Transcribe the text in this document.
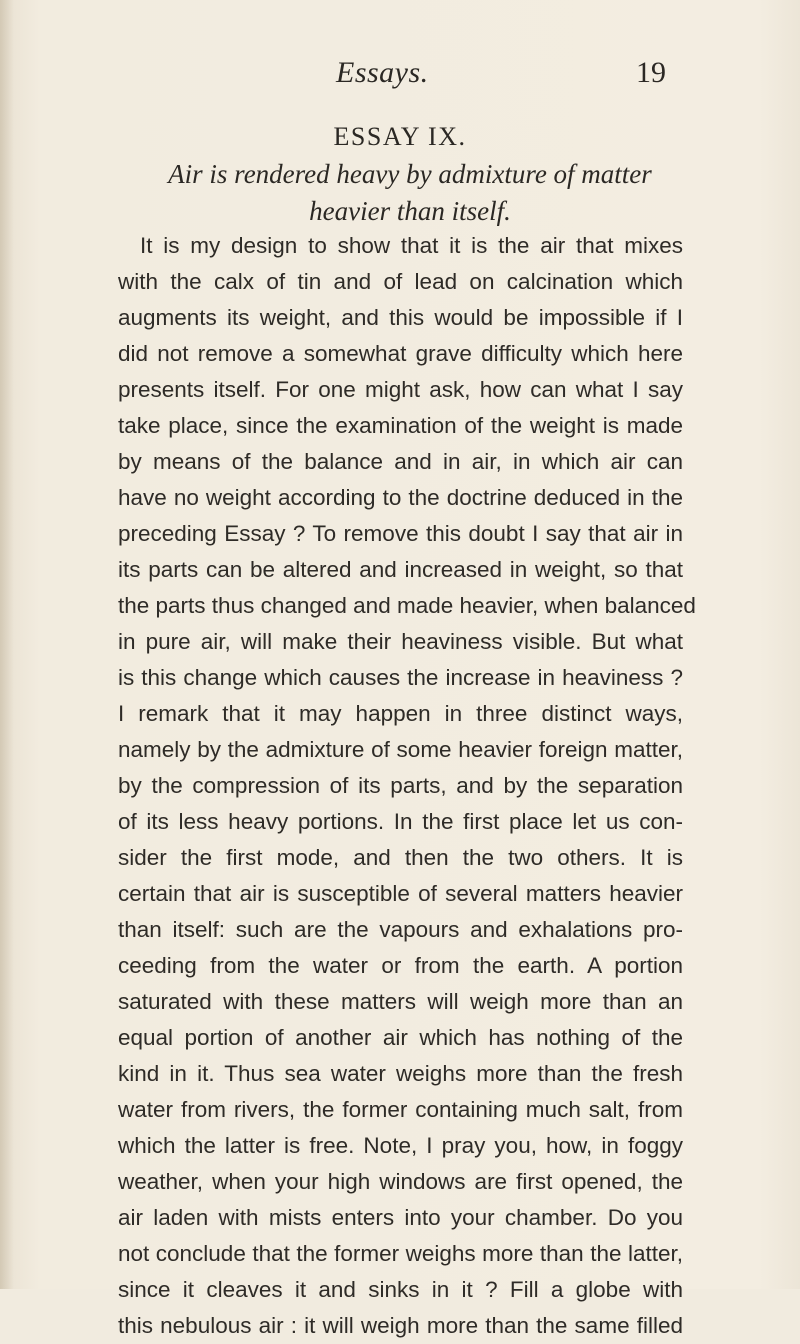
Essays.	19
ESSAY IX.
Air is rendered heavy by admixture of matter
heavier than itself.
It is my design to show that it is the air that mixes
with the calx of tin and of lead on calcination which
augments its weight, and this would be impossible if I
did not remove a somewhat grave difficulty which here
presents itself. For one might ask, how can what I say
take place, since the examination of the weight is made
by means of the balance and in air, in which air can
have no weight according to the doctrine deduced in the
preceding Essay ? To remove this doubt I say that air in
its parts can be altered and increased in weight, so that
the parts thus changed and made heavier, when balanced
in pure air, will make their heaviness visible. But what
is this change which causes the increase in heaviness ?
I remark that it may happen in three distinct ways,
namely by the admixture of some heavier foreign matter,
by the compression of its parts, and by the separation
of its less heavy portions. In the first place let us con-
sider the first mode, and then the two others. It is
certain that air is susceptible of several matters heavier
than itself: such are the vapours and exhalations pro-
ceeding from the water or from the earth. A portion
saturated with these matters will weigh more than an
equal portion of another air which has nothing of the
kind in it. Thus sea water weighs more than the fresh
water from rivers, the former containing much salt, from
which the latter is free. Note, I pray you, how, in foggy
weather, when your high windows are first opened, the
air laden with mists enters into your chamber. Do you
not conclude that the former weighs more than the latter,
since it cleaves it and sinks in it ? Fill a globe with
this nebulous air : it will weigh more than the same filled
